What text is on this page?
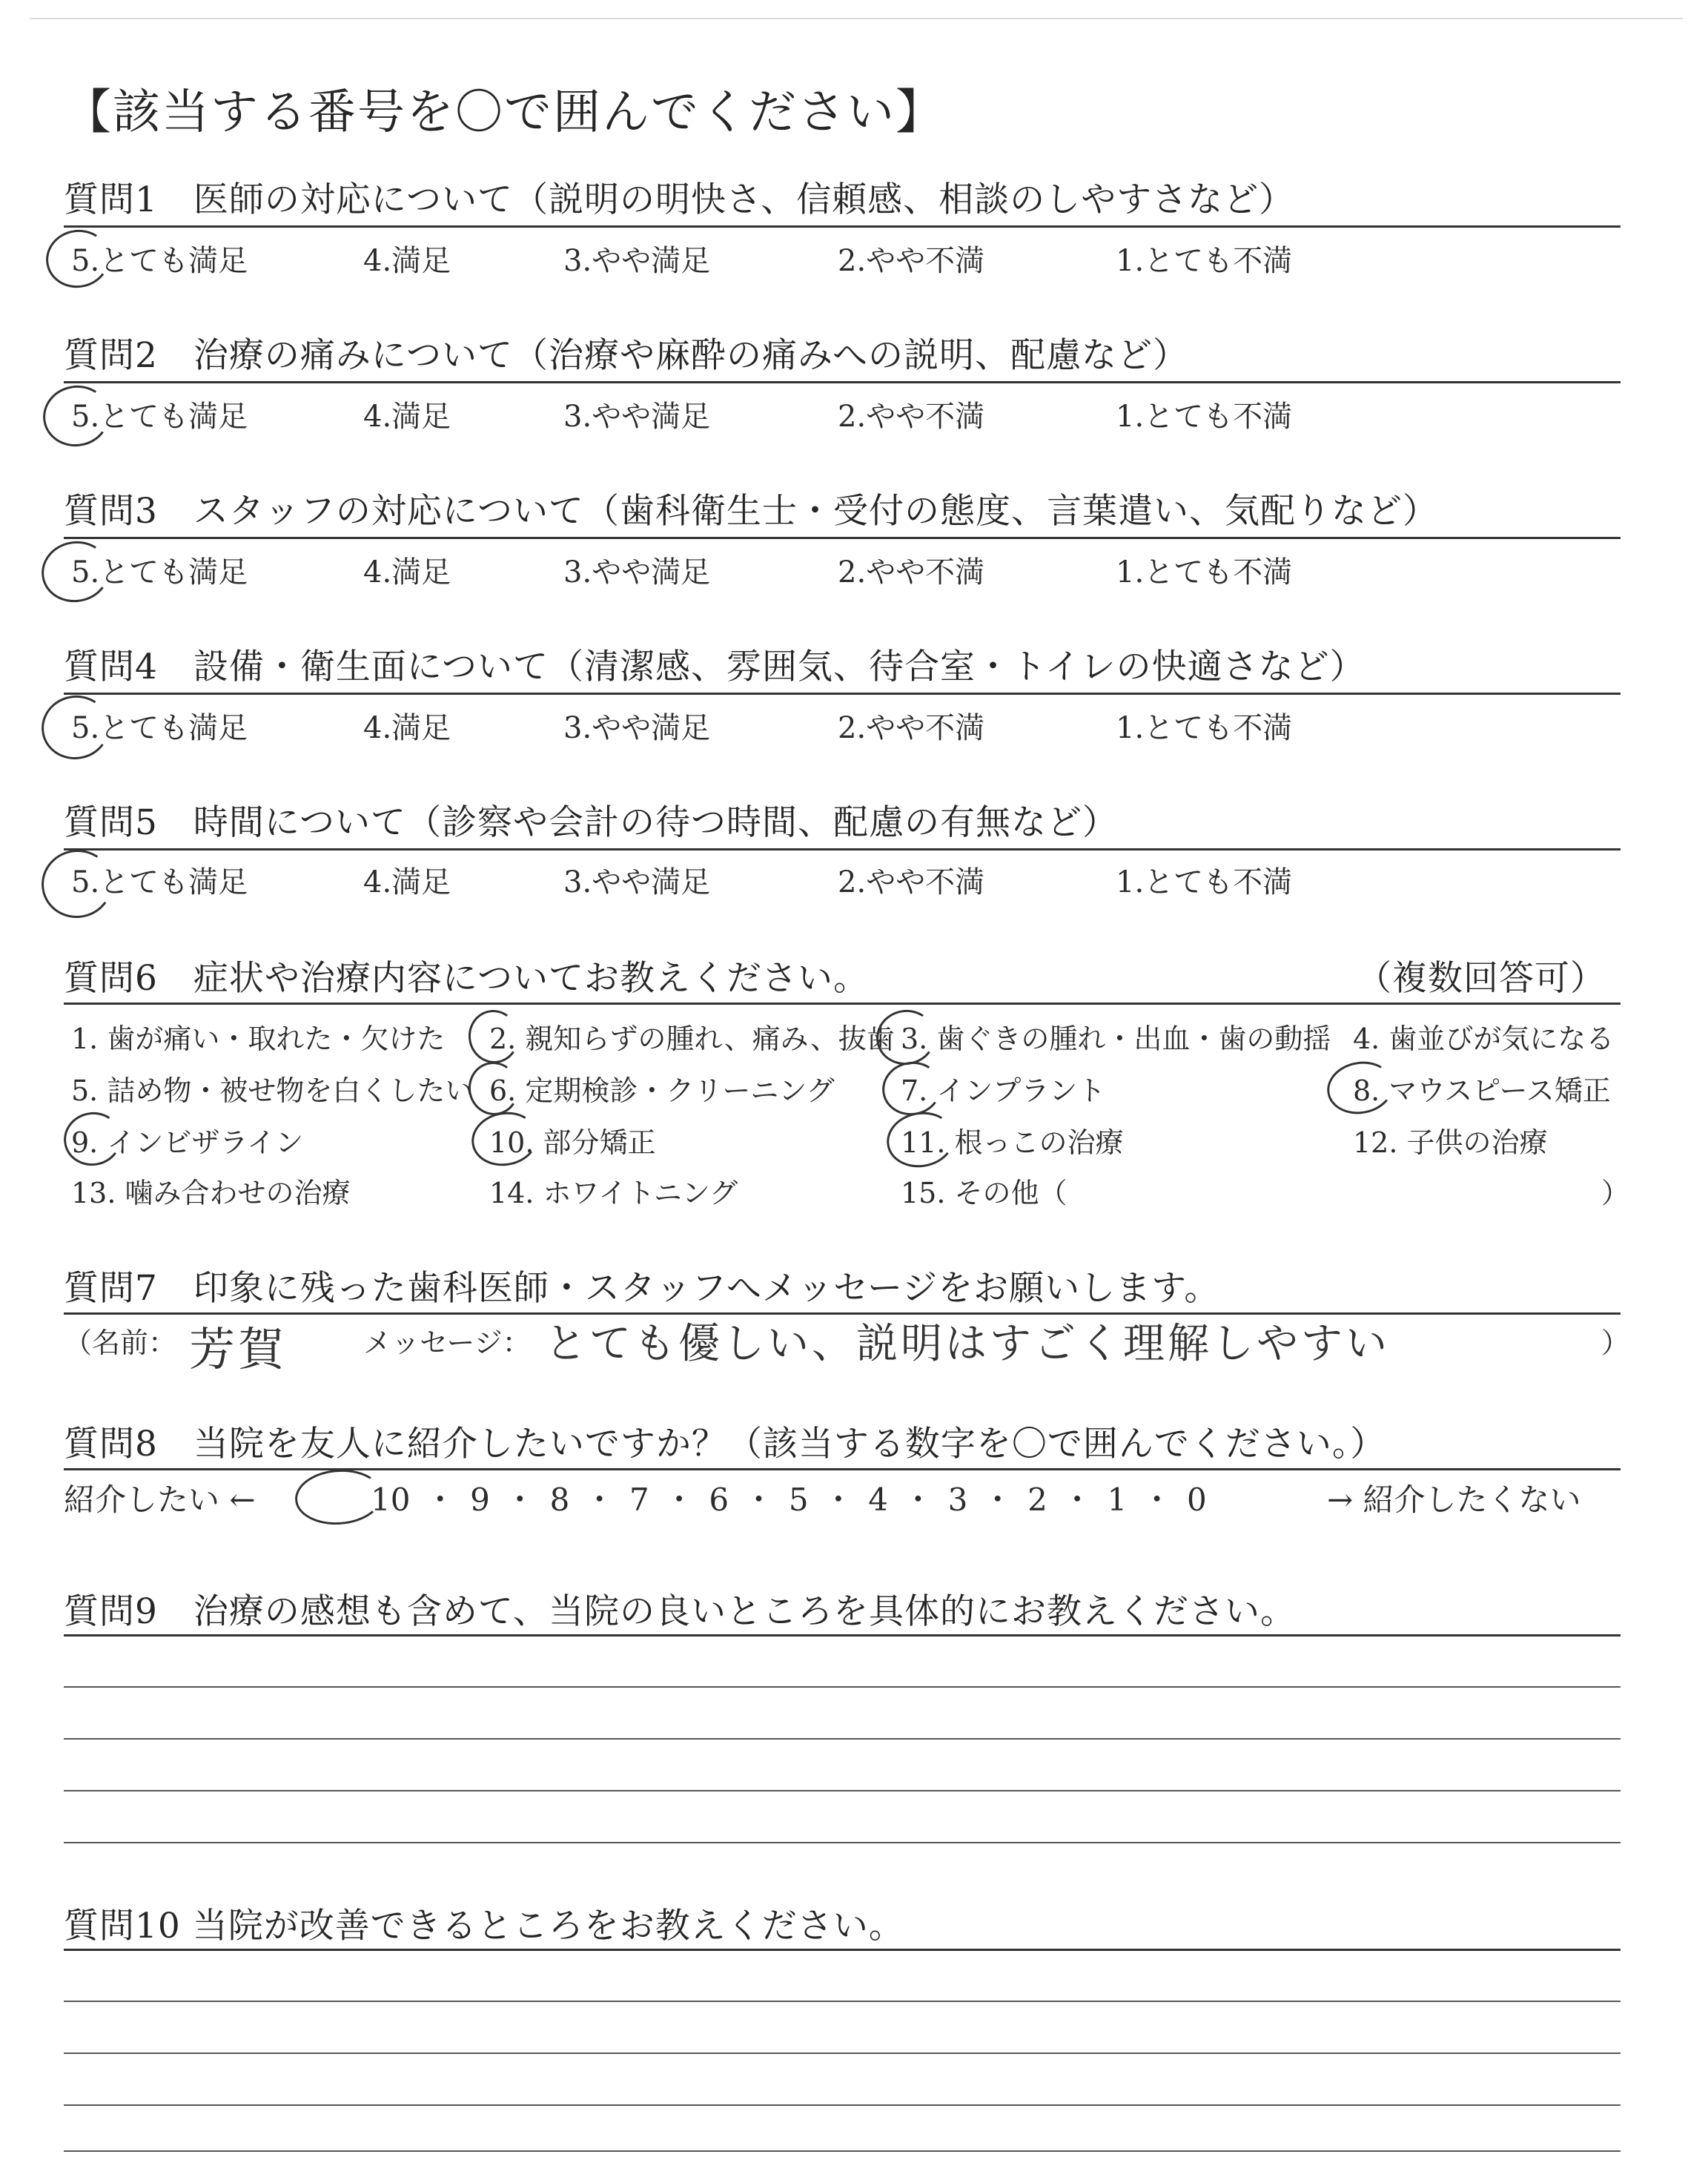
【該当する番号を〇で囲んでください】
質問1　医師の対応について（説明の明快さ、信頼感、相談のしやすさなど）
5.とても満足	4.満足	3.やや満足	2.やや不満	1.とても不満
質問2　治療の痛みについて（治療や麻酔の痛みへの説明、配慮など）
5.とても満足	4.満足	3.やや満足	2.やや不満	1.とても不満
質問3　スタッフの対応について（歯科衛生士・受付の態度、言葉遣い、気配りなど）
5.とても満足	4.満足	3.やや満足	2.やや不満	1.とても不満
質問4　設備・衛生面について（清潔感、雰囲気、待合室・トイレの快適さなど）
5.とても満足	4.満足	3.やや満足	2.やや不満	1.とても不満
質問5　時間について（診察や会計の待つ時間、配慮の有無など）
5.とても満足	4.満足	3.やや満足	2.やや不満	1.とても不満
質問6　症状や治療内容についてお教えください。	（複数回答可）
1. 歯が痛い・取れた・欠けた 2. 親知らずの腫れ、痛み、抜歯 3. 歯ぐきの腫れ・出血・歯の動揺 4. 歯並びが気になる
5. 詰め物・被せ物を白くしたい 6. 定期検診・クリーニング 7. インプラント	8. マウスピース矯正
9. インビザライン	10. 部分矯正	11. 根っこの治療	12. 子供の治療
13. 噛み合わせの治療	14. ホワイトニング	15. その他（	）
質問7　印象に残った歯科医師・スタッフへメッセージをお願いします。
（名前： 芳賀	メッセージ： とても優しい、説明はすごく理解しやすい	）
質問8　当院を友人に紹介したいですか？（該当する数字を〇で囲んでください。）
紹介したい ←	10 ・ 9 ・ 8 ・ 7 ・ 6 ・ 5 ・ 4 ・ 3 ・ 2 ・ 1 ・ 0	→ 紹介したくない
質問9　治療の感想も含めて、当院の良いところを具体的にお教えください。
質問10 当院が改善できるところをお教えください。
